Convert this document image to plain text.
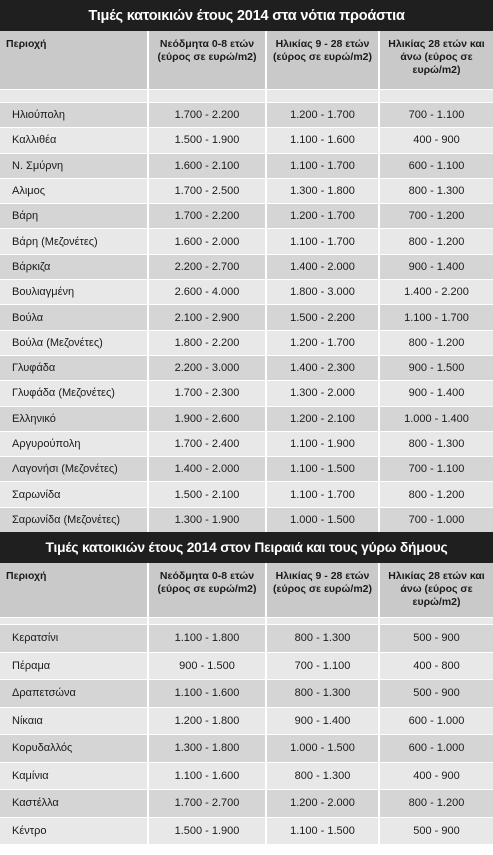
Τιμές κατοικιών έτους 2014 στα νότια προάστια
Περιοχή	Νεόδμητα 0-8 ετών (εύρος σε ευρώ/m2)	Ηλικίας 9 - 28 ετών (εύρος σε ευρώ/m2)	Ηλικίας 28 ετών και άνω (εύρος σε ευρώ/m2)

Ηλιούπολη	1.700 - 2.200	1.200 - 1.700	700 - 1.100
Καλλιθέα	1.500 - 1.900	1.100 - 1.600	400 - 900
Ν. Σμύρνη	1.600 - 2.100	1.100 - 1.700	600 - 1.100
Αλιμος	1.700 - 2.500	1.300 - 1.800	800 - 1.300
Βάρη	1.700 - 2.200	1.200 - 1.700	700 - 1.200
Βάρη (Μεζονέτες)	1.600 - 2.000	1.100 - 1.700	800 - 1.200
Βάρκιζα	2.200 - 2.700	1.400 - 2.000	900 - 1.400
Βουλιαγμένη	2.600 - 4.000	1.800 - 3.000	1.400 - 2.200
Βούλα	2.100 - 2.900	1.500 - 2.200	1.100 - 1.700
Βούλα (Μεζονέτες)	1.800 - 2.200	1.200 - 1.700	800 - 1.200
Γλυφάδα	2.200 - 3.000	1.400 - 2.300	900 - 1.500
Γλυφάδα (Μεζονέτες)	1.700 - 2.300	1.300 - 2.000	900 - 1.400
Ελληνικό	1.900 - 2.600	1.200 - 2.100	1.000 - 1.400
Αργυρούπολη	1.700 - 2.400	1.100 - 1.900	800 - 1.300
Λαγονήσι (Μεζονέτες)	1.400 - 2.000	1.100 - 1.500	700 - 1.100
Σαρωνίδα	1.500 - 2.100	1.100 - 1.700	800 - 1.200
Σαρωνίδα (Μεζονέτες)	1.300 - 1.900	1.000 - 1.500	700 - 1.000
Τιμές κατοικιών έτους 2014 στον Πειραιά και τους γύρω δήμους
Περιοχή	Νεόδμητα 0-8 ετών (εύρος σε ευρώ/m2)	Ηλικίας 9 - 28 ετών (εύρος σε ευρώ/m2)	Ηλικίας 28 ετών και άνω (εύρος σε ευρώ/m2)

Κερατσίνι	1.100 - 1.800	800 - 1.300	500 - 900
Πέραμα	900 - 1.500	700 - 1.100	400 - 800
Δραπετσώνα	1.100 - 1.600	800 - 1.300	500 - 900
Νίκαια	1.200 - 1.800	900 - 1.400	600 - 1.000
Κορυδαλλός	1.300 - 1.800	1.000 - 1.500	600 - 1.000
Καμίνια	1.100 - 1.600	800 - 1.300	400 - 900
Καστέλλα	1.700 - 2.700	1.200 - 2.000	800 - 1.200
Κέντρο	1.500 - 1.900	1.100 - 1.500	500 - 900
